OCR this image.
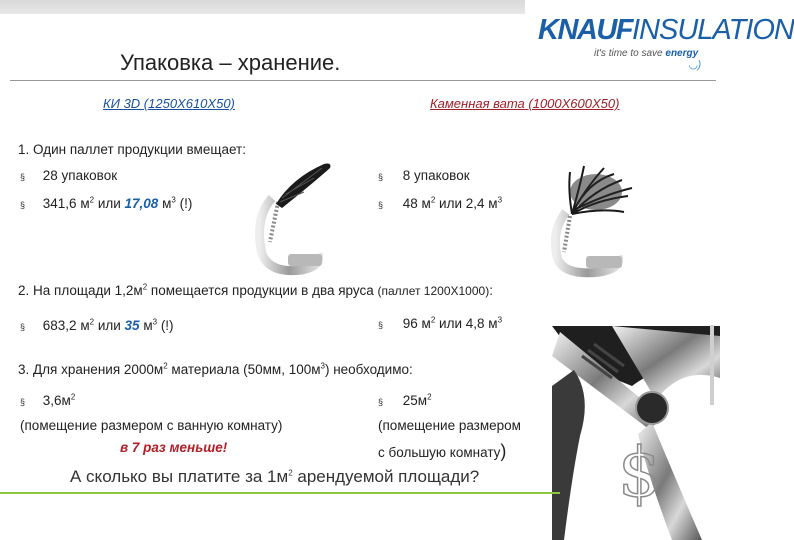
Упаковка – хранение.
KNAUFINSULATION
it's time to save energy
◡)
КИ 3D (1250X610X50)	Каменная вата (1000X600X50)
1. Один паллет продукции вмещает:
§ 28 упаковок
§ 341,6 $м^2$ или 17,08 $м^3$ (!)
§ 8 упаковок
§ 48 $м^2$ или 2,4 $м^3$
2. На площади $1,2м^2$ помещается продукции в два яруса (паллет 1200X1000):
§ 683,2 $м^2$ или 35 $м^3$ (!)	§ 96 $м^2$ или 4,8 $м^3$
3. Для хранения $2000м^2$ материала (50мм, $100м^3$) необходимо:
§ $3,6м^2$
(помещение размером с ванную комнату)
в 7 раз меньше!
§ $25м^2$
(помещение размером
с большую комнату) $
А сколько вы платите за $1м^2$ арендуемой площади?
